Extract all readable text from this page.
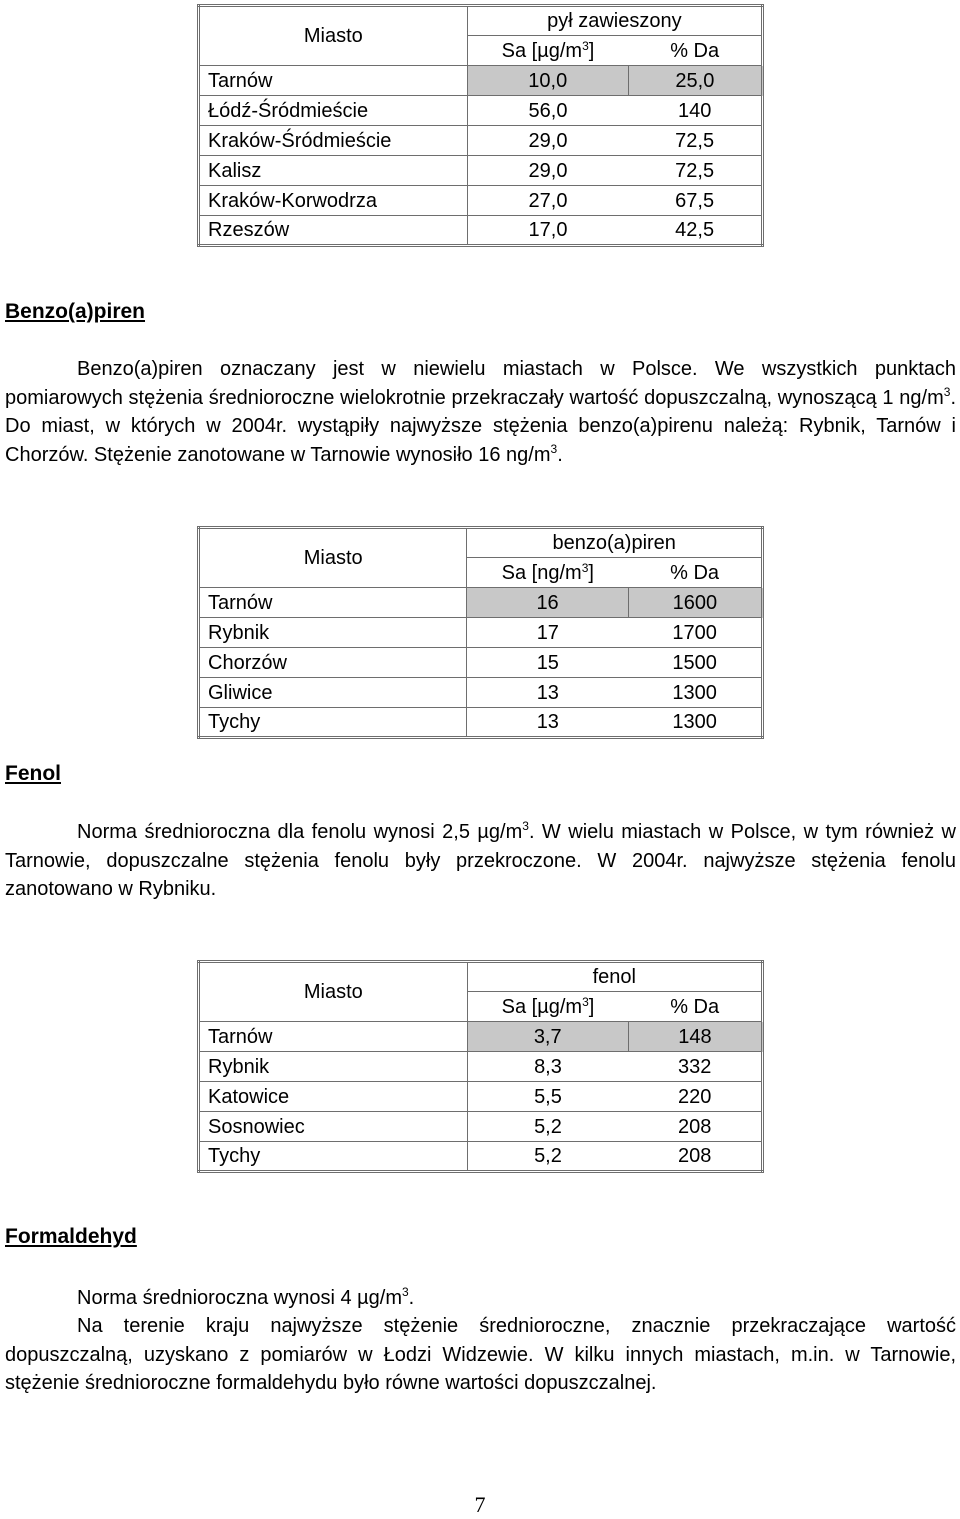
Miasto	pył zawieszony	
	Sa $[\mu g/m^3]$	% Da
Tarnów	10,0	25,0
Łódź-Śródmieście	56,0	140
Kraków-Śródmieście	29,0	72,5
Kalisz	29,0	72,5
Kraków-Korwodrza	27,0	67,5
Rzeszów	17,0	42,5
Benzo(a)piren
Benzo(a)piren oznaczany jest w niewielu miastach w Polsce. We wszystkich punktach pomiarowych stężenia średnioroczne wielokrotnie przekraczały wartość dopuszczalną, wynoszącą 1 $ng/m^3$. Do miast, w których w 2004r. wystąpiły najwyższe stężenia benzo(a)pirenu należą: Rybnik, Tarnów i Chorzów. Stężenie zanotowane w Tarnowie wynosiło 16 $ng/m^3$.
Miasto	benzo(a)piren	
	Sa $[ng/m^3]$	% Da
Tarnów	16	1600
Rybnik	17	1700
Chorzów	15	1500
Gliwice	13	1300
Tychy	13	1300
Fenol
Norma średnioroczna dla fenolu wynosi 2,5 $\mu g/m^3$. W wielu miastach w Polsce, w tym również w Tarnowie, dopuszczalne stężenia fenolu były przekroczone. W 2004r. najwyższe stężenia fenolu zanotowano w Rybniku.
Miasto	fenol	
	Sa $[\mu g/m^3]$	% Da
Tarnów	3,7	148
Rybnik	8,3	332
Katowice	5,5	220
Sosnowiec	5,2	208
Tychy	5,2	208
Formaldehyd
Norma średnioroczna wynosi 4 $\mu g/m^3$.
Na terenie kraju najwyższe stężenie średnioroczne, znacznie przekraczające wartość dopuszczalną, uzyskano z pomiarów w Łodzi Widzewie. W kilku innych miastach, m.in. w Tarnowie, stężenie średnioroczne formaldehydu było równe wartości dopuszczalnej.
7
